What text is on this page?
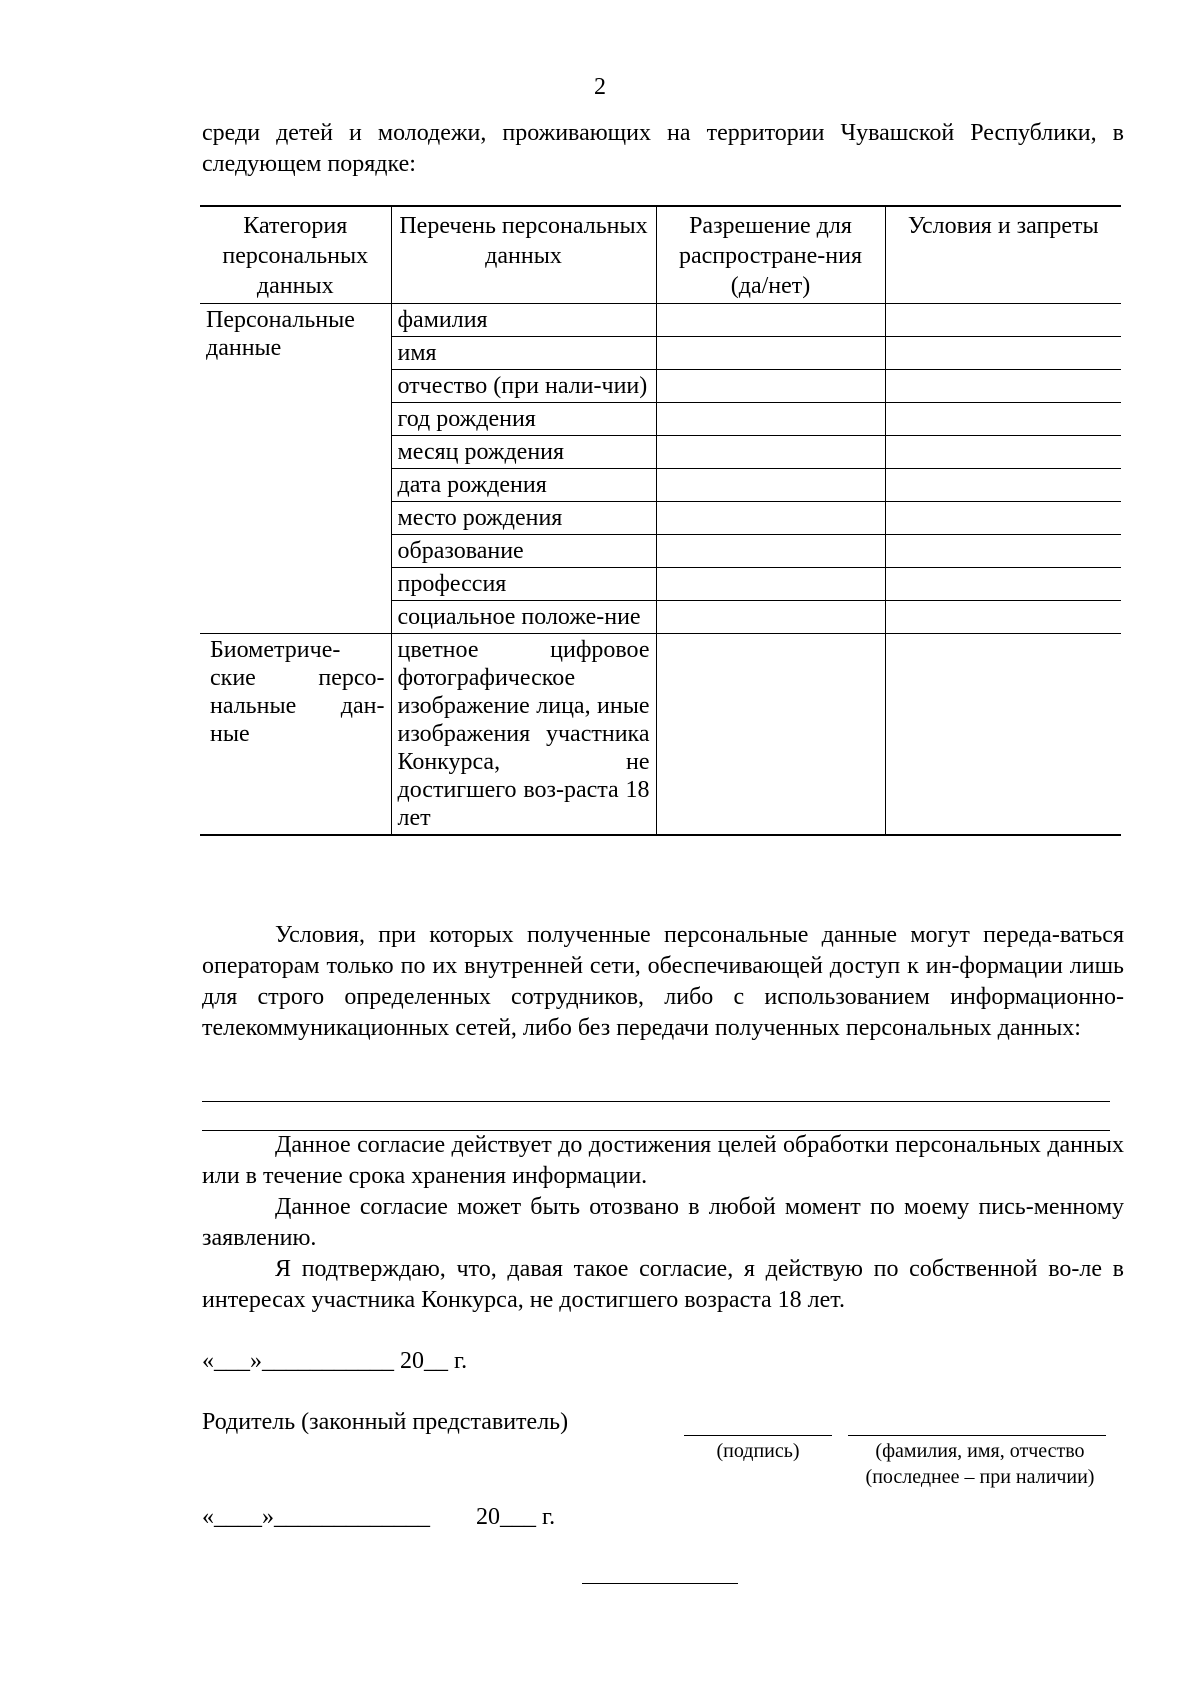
2
среди детей и молодежи, проживающих на территории Чувашской Республики, в следующем порядке:
Категория персональных данных	Перечень персональных данных	Разрешение для распростране-ния (да/нет)	Условия и запреты
Персональные данные	фамилия		
	имя		
	отчество (при нали-чии)		
	год рождения		
	месяц рождения		
	дата рождения		
	место рождения		
	образование		
	профессия		
	социальное положе-ние		
Биометриче-ские персо-нальные дан-ные	цветное цифровое фотографическое изображение лица, иные изображения участника Конкурса, не достигшего воз-раста 18 лет		
Условия, при которых полученные персональные данные могут переда-ваться операторам только по их внутренней сети, обеспечивающей доступ к ин-формации лишь для строго определенных сотрудников, либо с использованием информационно-телекоммуникационных сетей, либо без передачи полученных персональных данных:

Данное согласие действует до достижения целей обработки персональных данных или в течение срока хранения информации.

Данное согласие может быть отозвано в любой момент по моему пись-менному заявлению.

Я подтверждаю, что, давая такое согласие, я действую по собственной во-ле в интересах участника Конкурса, не достигшего возраста 18 лет.

«___»___________ 20__ г.
Родитель (законный представитель)
(подпись)	(фамилия, имя, отчество
(последнее – при наличии)
«____»_____________ 20___ г.
